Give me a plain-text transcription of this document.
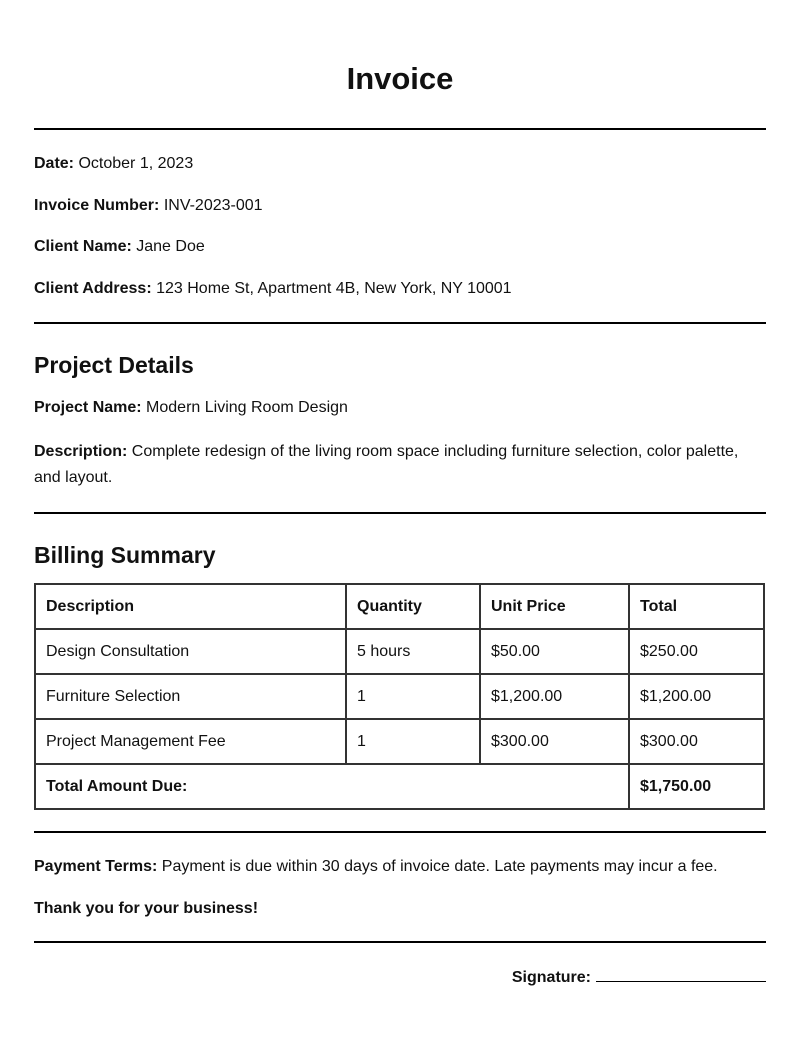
Invoice

Date: October 1, 2023

Invoice Number: INV-2023-001

Client Name: Jane Doe

Client Address: 123 Home St, Apartment 4B, New York, NY 10001

Project Details

Project Name: Modern Living Room Design

Description: Complete redesign of the living room space including furniture selection, color palette, and layout.

Billing Summary
Description	Quantity	Unit Price	Total
Design Consultation	5 hours	$50.00	$250.00
Furniture Selection	1	$1,200.00	$1,200.00
Project Management Fee	1	$300.00	$300.00
Total Amount Due:			$1,750.00

Payment Terms: Payment is due within 30 days of invoice date. Late payments may incur a fee.

Thank you for your business!

Signature:
